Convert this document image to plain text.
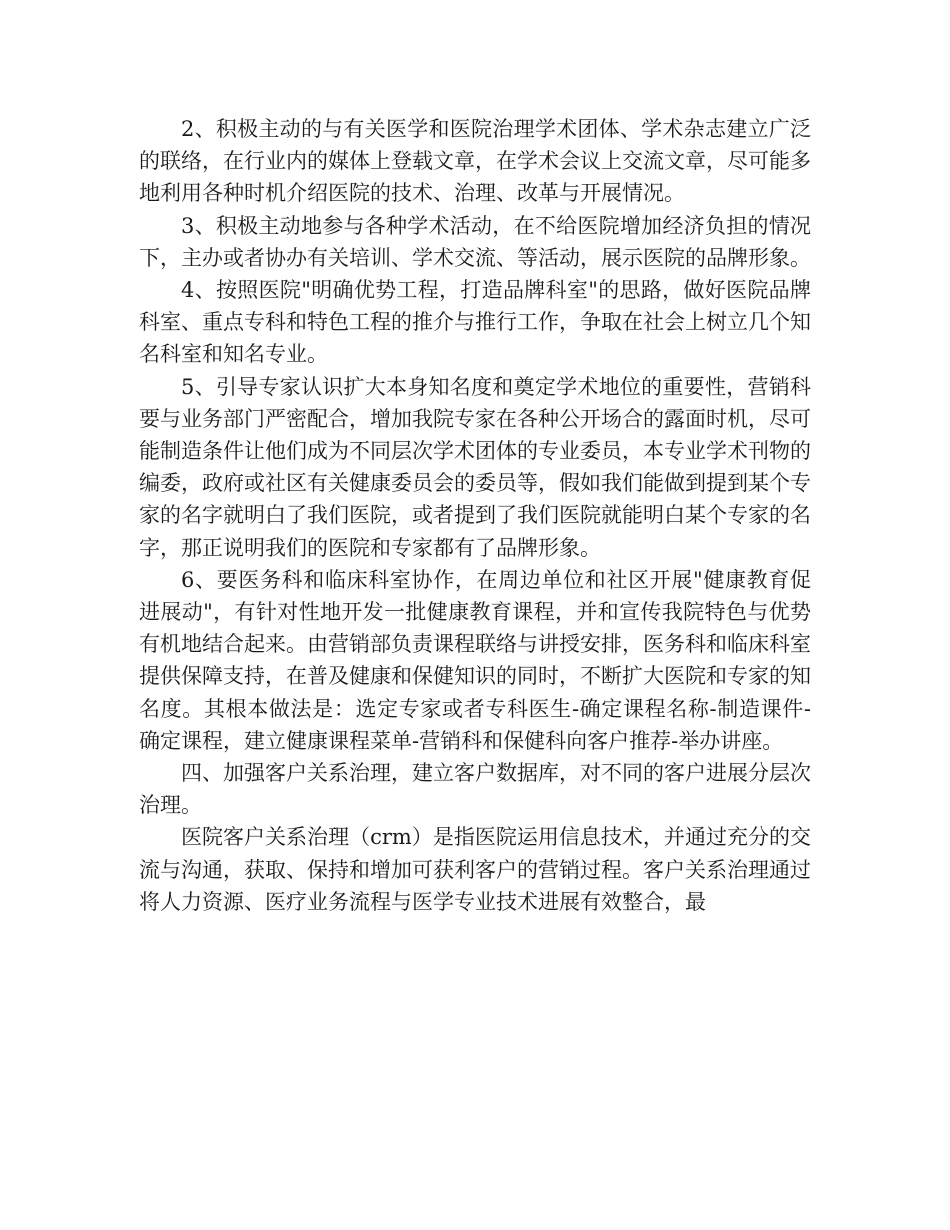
2、积极主动的与有关医学和医院治理学术团体、学术杂志建立广泛的联络，在行业内的媒体上登载文章，在学术会议上交流文章，尽可能多地利用各种时机介绍医院的技术、治理、改革与开展情况。

3、积极主动地参与各种学术活动，在不给医院增加经济负担的情况下，主办或者协办有关培训、学术交流、等活动，展示医院的品牌形象。

4、按照医院"明确优势工程，打造品牌科室"的思路，做好医院品牌科室、重点专科和特色工程的推介与推行工作，争取在社会上树立几个知名科室和知名专业。

5、引导专家认识扩大本身知名度和奠定学术地位的重要性，营销科要与业务部门严密配合，增加我院专家在各种公开场合的露面时机，尽可能制造条件让他们成为不同层次学术团体的专业委员，本专业学术刊物的编委，政府或社区有关健康委员会的委员等，假如我们能做到提到某个专家的名字就明白了我们医院，或者提到了我们医院就能明白某个专家的名字，那正说明我们的医院和专家都有了品牌形象。

6、要医务科和临床科室协作，在周边单位和社区开展"健康教育促进展动"，有针对性地开发一批健康教育课程，并和宣传我院特色与优势有机地结合起来。由营销部负责课程联络与讲授安排，医务科和临床科室提供保障支持，在普及健康和保健知识的同时，不断扩大医院和专家的知名度。其根本做法是：选定专家或者专科医生-确定课程名称-制造课件-确定课程，建立健康课程菜单-营销科和保健科向客户推荐-举办讲座。

四、加强客户关系治理，建立客户数据库，对不同的客户进展分层次治理。

医院客户关系治理（crm）是指医院运用信息技术，并通过充分的交流与沟通，获取、保持和增加可获利客户的营销过程。客户关系治理通过将人力资源、医疗业务流程与医学专业技术进展有效整合，最
